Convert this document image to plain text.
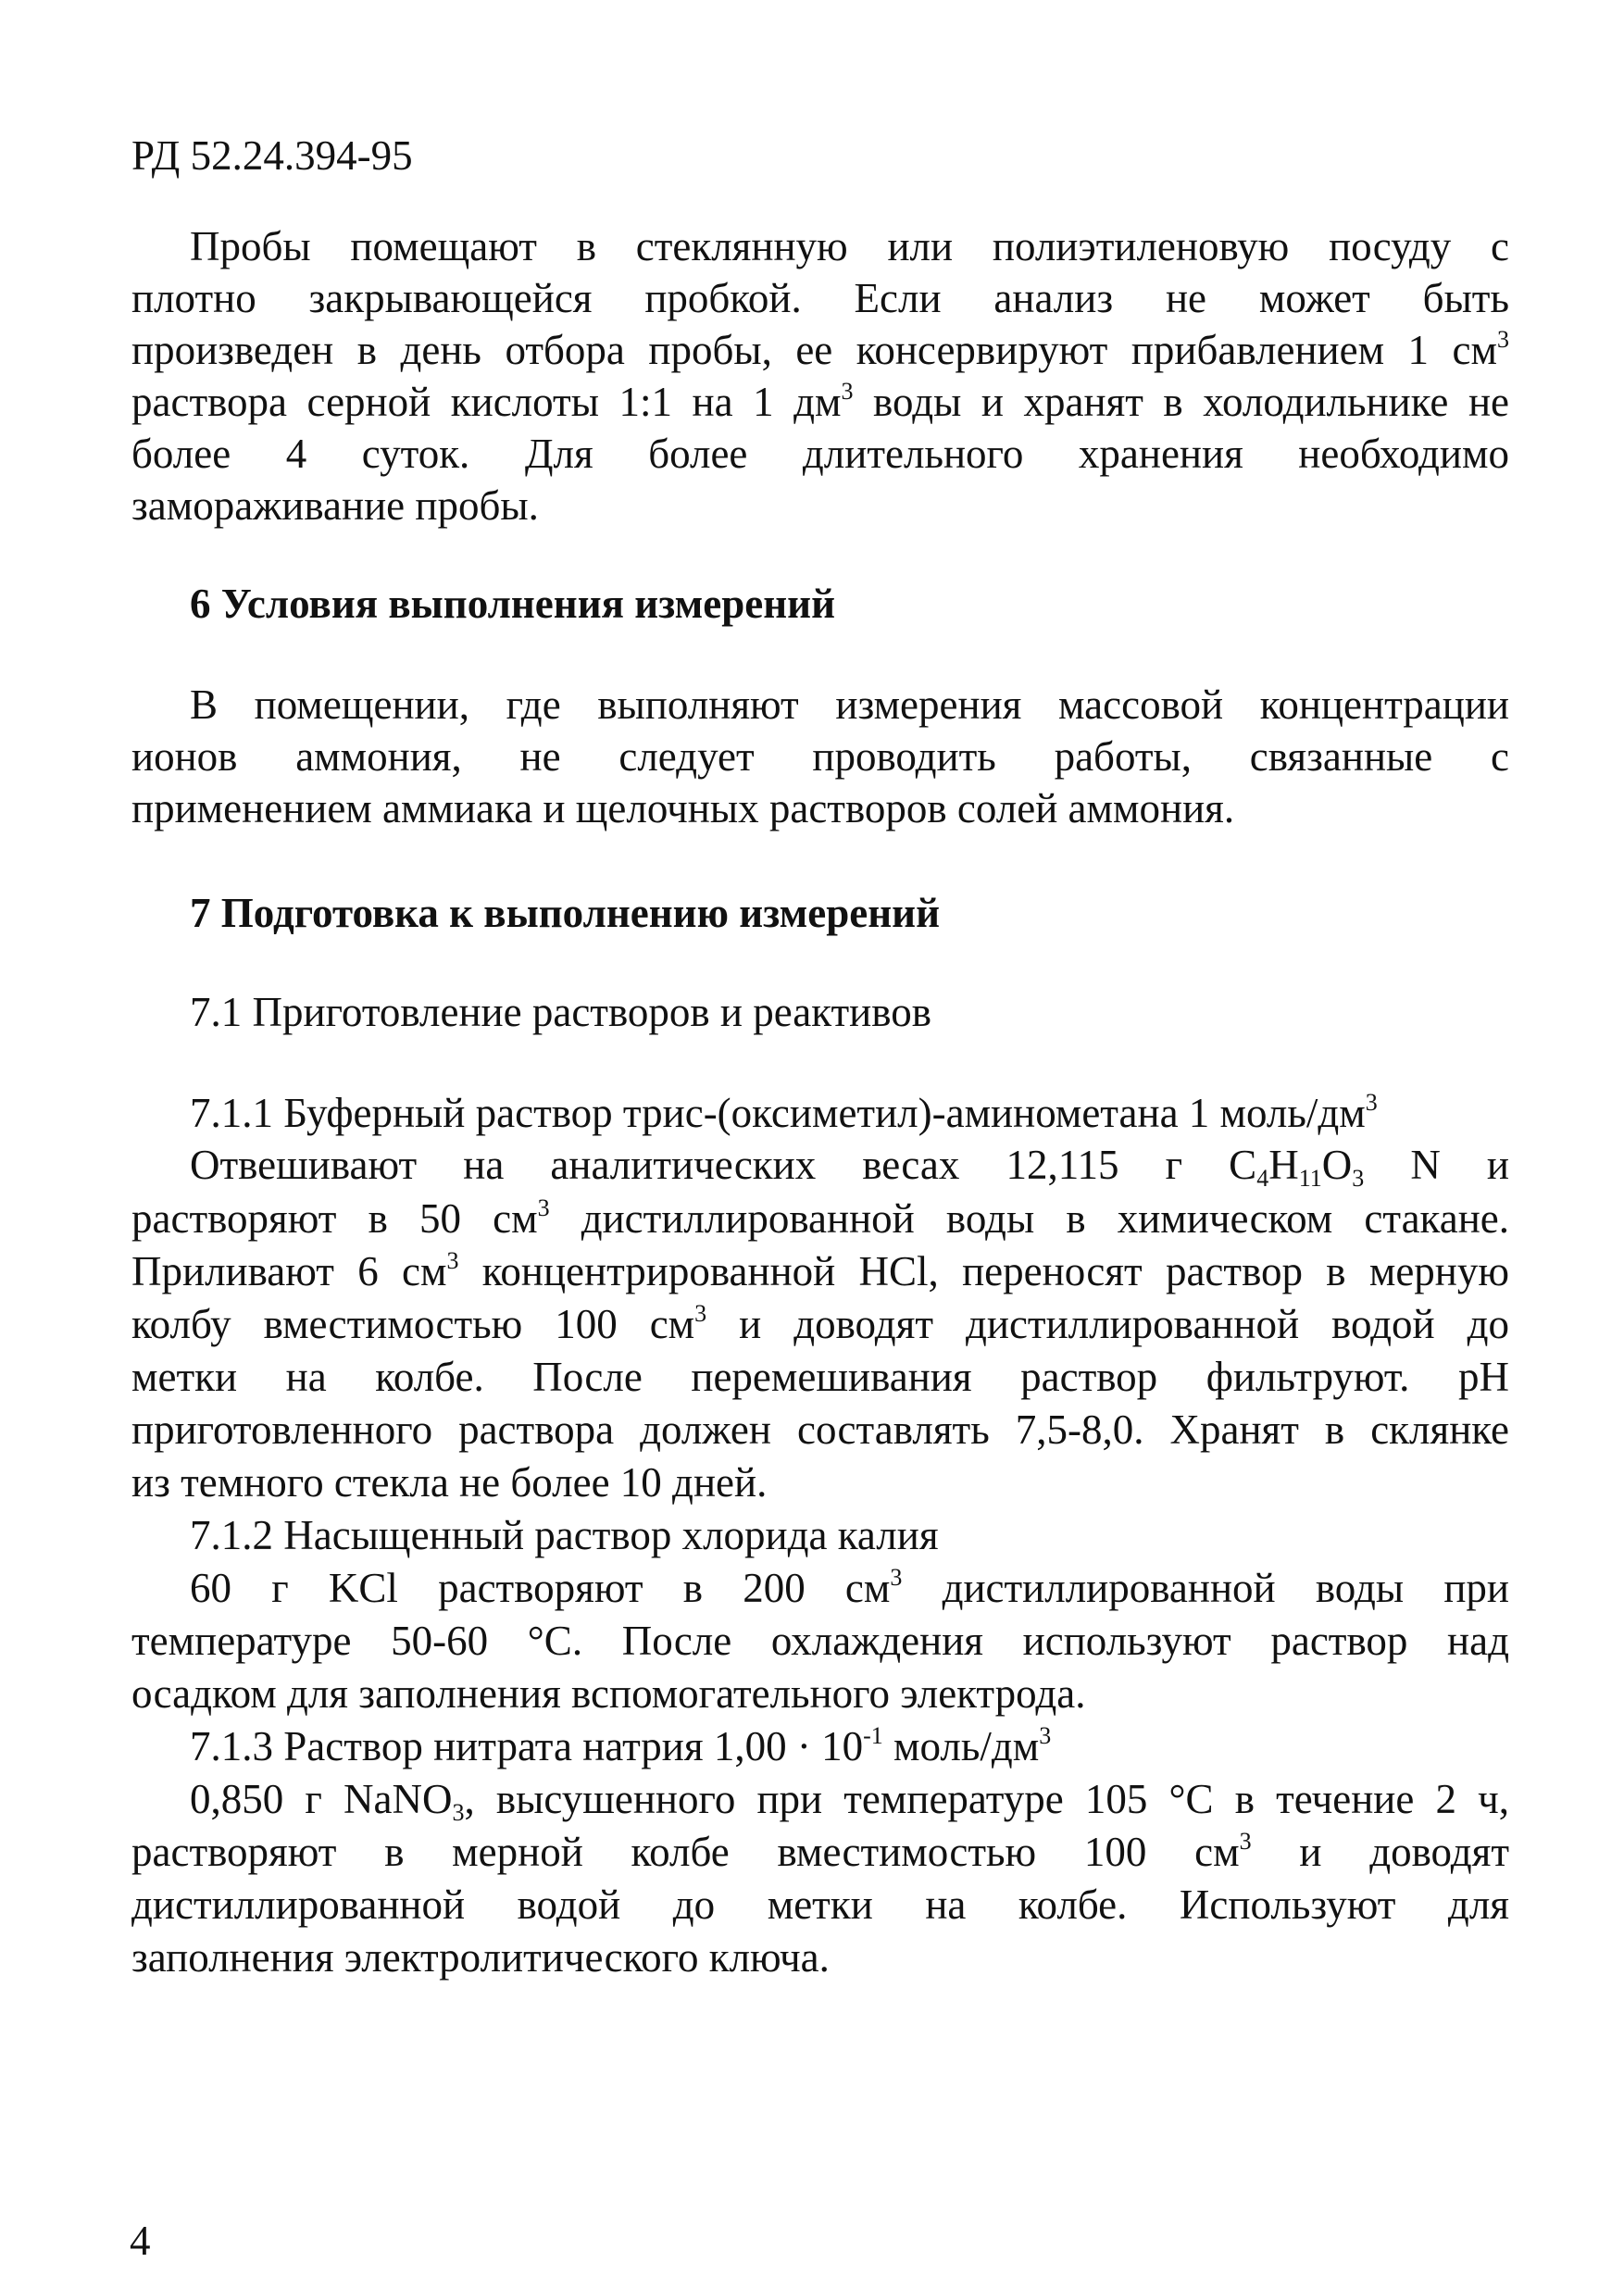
РД 52.24.394-95
Пробы помещают в стеклянную или полиэтиленовую посуду с
плотно закрывающейся пробкой. Если анализ не может быть
произведен в день отбора пробы, ее консервируют прибавлением 1 $см^3$
раствора серной кислоты 1:1 на 1 $дм^3$ воды и хранят в холодильнике не
более 4 суток. Для более длительного хранения необходимо
замораживание пробы.
6 Условия выполнения измерений
В помещении, где выполняют измерения массовой концентрации
ионов аммония, не следует проводить работы, связанные с
применением аммиака и щелочных растворов солей аммония.
7 Подготовка к выполнению измерений
7.1 Приготовление растворов и реактивов
7.1.1 Буферный раствор трис-(оксиметил)-аминометана 1 моль/$дм^3$
Отвешивают на аналитических весах 12,115 г $C_4H_{11}O_3$ N и
растворяют в 50 $см^3$ дистиллированной воды в химическом стакане.
Приливают 6 $см^3$ концентрированной HCl, переносят раствор в мерную
колбу вместимостью 100 $см^3$ и доводят дистиллированной водой до
метки на колбе. После перемешивания раствор фильтруют. pH
приготовленного раствора должен составлять 7,5-8,0. Хранят в склянке
из темного стекла не более 10 дней.
7.1.2 Насыщенный раствор хлорида калия
60 г KCl растворяют в 200 $см^3$ дистиллированной воды при
температуре 50-60 °С. После охлаждения используют раствор над
осадком для заполнения вспомогательного электрода.
7.1.3 Раствор нитрата натрия $1,00 \cdot 10^{-1}$ моль/$дм^3$
0,850 г NaNO$_3$, высушенного при температуре 105 °С в течение 2 ч,
растворяют в мерной колбе вместимостью 100 $см^3$ и доводят
дистиллированной водой до метки на колбе. Используют для
заполнения электролитического ключа.
4
